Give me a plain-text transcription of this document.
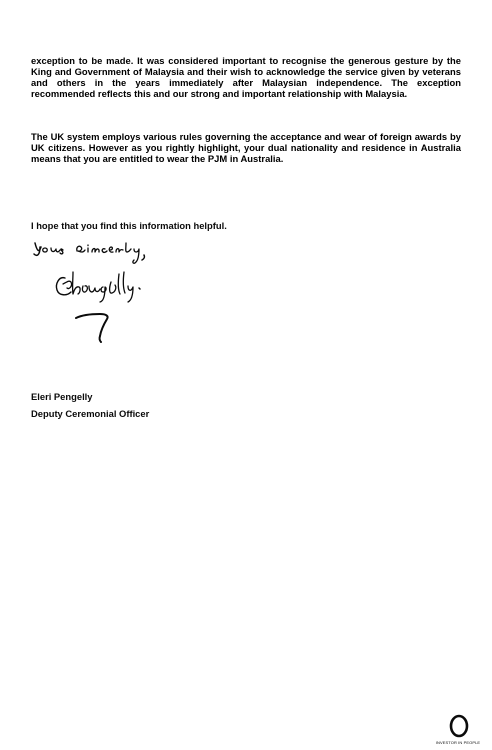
exception to be made. It was considered important to recognise the generous gesture by the King and Government of Malaysia and their wish to acknowledge the service given by veterans and others in the years immediately after Malaysian independence. The exception recommended reflects this and our strong and important relationship with Malaysia.

The UK system employs various rules governing the acceptance and wear of foreign awards by UK citizens. However as you rightly highlight, your dual nationality and residence in Australia means that you are entitled to wear the PJM in Australia.

I hope that you find this information helpful.

Eleri Pengelly

Deputy Ceremonial Officer

INVESTOR IN PEOPLE
